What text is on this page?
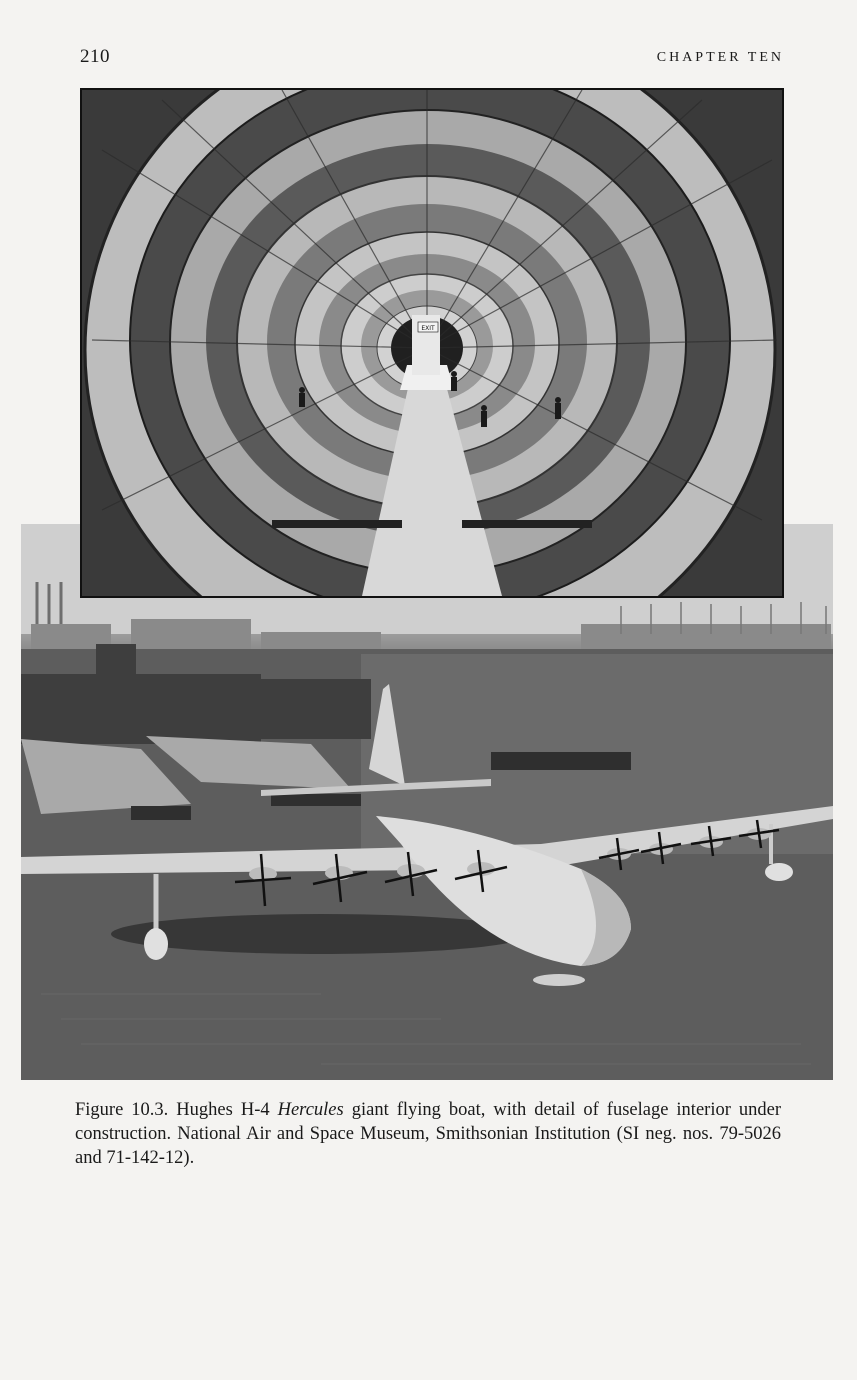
210	CHAPTER TEN
EXIT
Figure 10.3. Hughes H-4 Hercules giant flying boat, with detail of fuselage interior under construction. National Air and Space Museum, Smithsonian Institution (SI neg. nos. 79-5026 and 71-142-12).
